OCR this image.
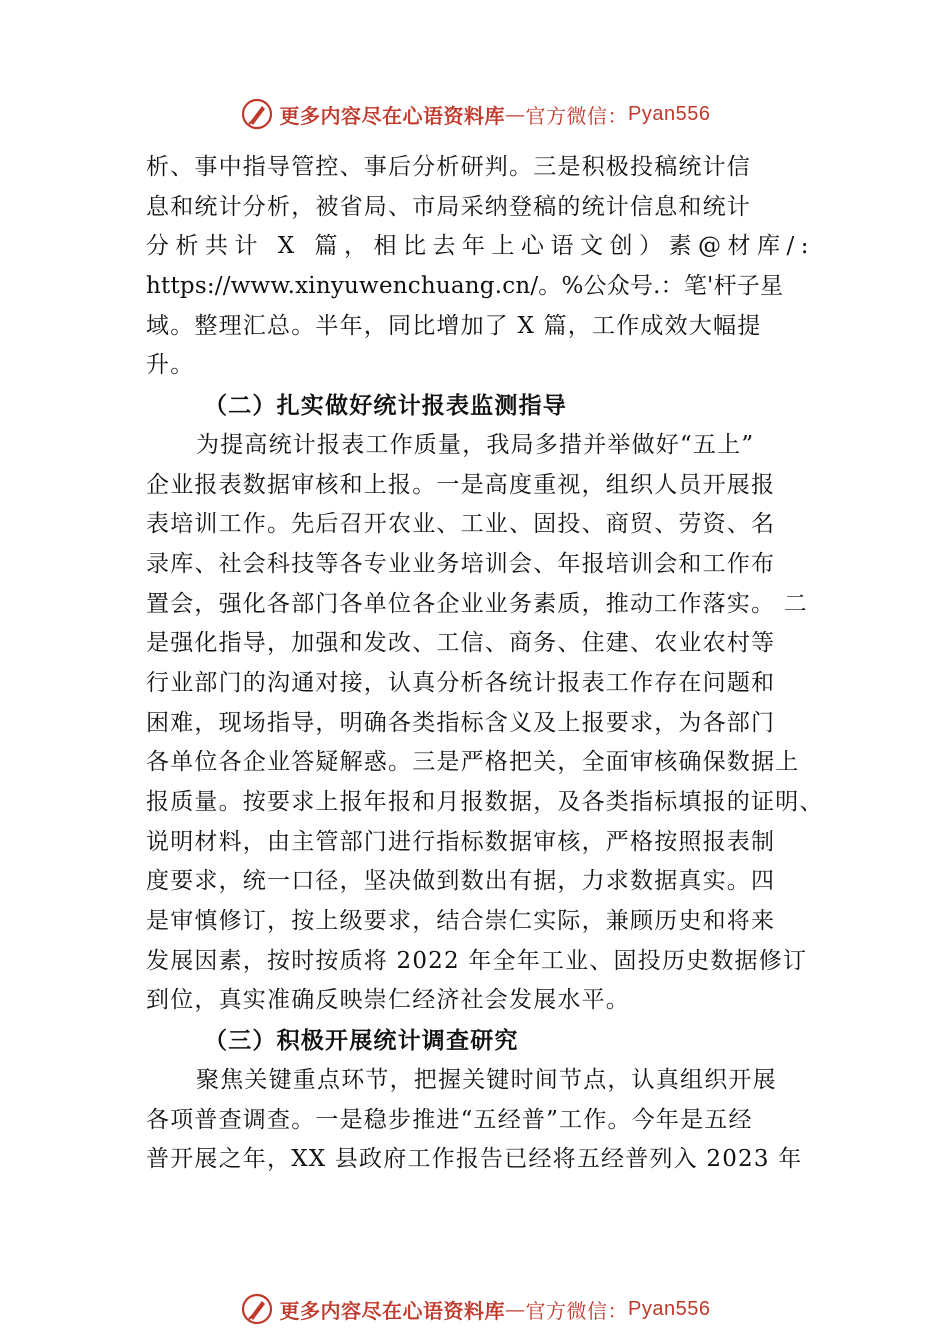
更多内容尽在心语资料库 — 官方微信： Pyan556
析、事中指导管控、事后分析研判。三是积极投稿统计信
息和统计分析，被省局、市局采纳登稿的统计信息和统计
分析共计 X 篇，相比去年上心语文创）素@材库/:
https://www.xinyuwenchuang.cn/。%公众号.：笔'杆子星
域。整理汇总。半年，同比增加了 X 篇，工作成效大幅提
升。
（二）扎实做好统计报表监测指导
为提高统计报表工作质量，我局多措并举做好“五上”
企业报表数据审核和上报。一是高度重视，组织人员开展报
表培训工作。先后召开农业、工业、固投、商贸、劳资、名
录库、社会科技等各专业业务培训会、年报培训会和工作布
置会，强化各部门各单位各企业业务素质，推动工作落实。 二
是强化指导，加强和发改、工信、商务、住建、农业农村等
行业部门的沟通对接，认真分析各统计报表工作存在问题和
困难，现场指导，明确各类指标含义及上报要求，为各部门
各单位各企业答疑解惑。三是严格把关，全面审核确保数据上
报质量。按要求上报年报和月报数据，及各类指标填报的证明、
说明材料，由主管部门进行指标数据审核，严格按照报表制
度要求，统一口径，坚决做到数出有据，力求数据真实。四
是审慎修订，按上级要求，结合崇仁实际，兼顾历史和将来
发展因素，按时按质将 2022 年全年工业、固投历史数据修订
到位，真实准确反映崇仁经济社会发展水平。
（三）积极开展统计调查研究
聚焦关键重点环节，把握关键时间节点，认真组织开展
各项普查调查。一是稳步推进“五经普”工作。今年是五经
普开展之年，XX 县政府工作报告已经将五经普列入 2023 年
更多内容尽在心语资料库 — 官方微信： Pyan556
